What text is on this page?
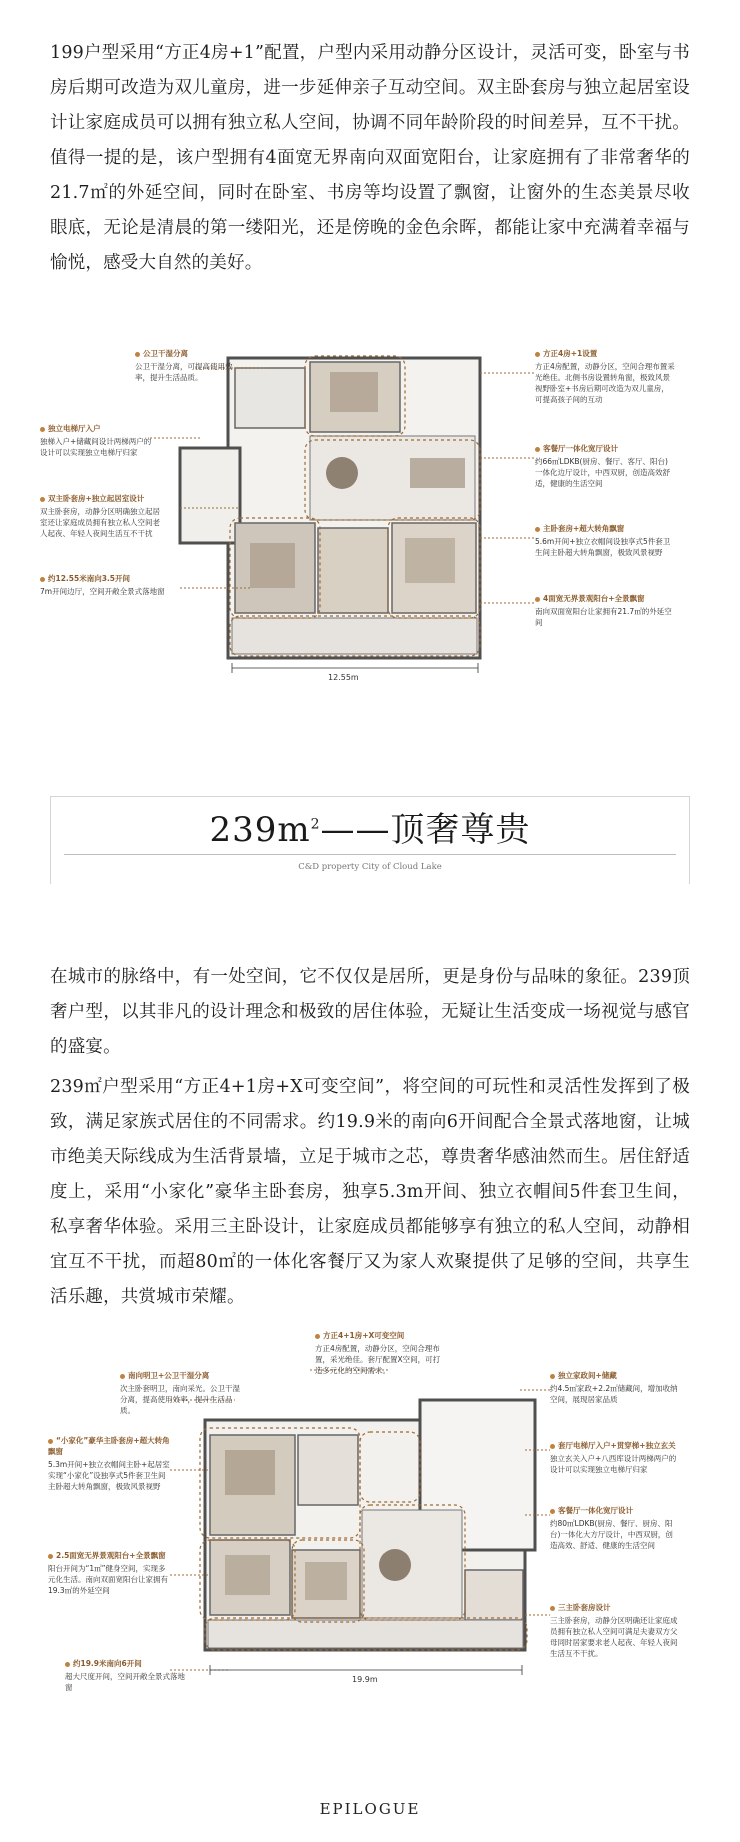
199户型采用“方正4房+1”配置，户型内采用动静分区设计，灵活可变，卧室与书房后期可改造为双儿童房，进一步延伸亲子互动空间。双主卧套房与独立起居室设计让家庭成员可以拥有独立私人空间，协调不同年龄阶段的时间差异，互不干扰。值得一提的是，该户型拥有4面宽无界南向双面宽阳台，让家庭拥有了非常奢华的21.7㎡的外延空间，同时在卧室、书房等均设置了飘窗，让窗外的生态美景尽收眼底，无论是清晨的第一缕阳光，还是傍晚的金色余晖，都能让家中充满着幸福与愉悦，感受大自然的美好。

12.55m
公卫干湿分离
公卫干湿分离，可提高使用效率，提升生活品质。
方正4房+1设置
方正4房配置，动静分区，空间合理布置采光绝佳。北侧书房设置转角窗，极致风景视野卧室+书房后期可改造为双儿童房，可提高孩子间的互动
独立电梯厅入户
独梯入户+储藏间设计两梯两户的设计可以实现独立电梯厅归家	客餐厅一体化宽厅设计
约66㎡LDKB(厨房、餐厅、客厅、阳台)一体化边厅设计，中西双厨，创造高效舒适，健康的生活空间
双主卧套房+独立起居室设计
双主卧套房，动静分区明确独立起居室还让家庭成员拥有独立私人空间老人起夜、年轻人夜间生活互不干扰
主卧套房+超大转角飘窗
5.6m开间+独立衣帽间设独享式5件套卫生间主卧超大转角飘窗，极致风景视野
约12.55米南向3.5开间
7m开间边厅，空间开敞全景式落地窗
4面宽无界景观阳台+全景飘窗
南向双面宽阳台让家拥有21.7㎡的外延空间
$239m^2——$顶奢尊贵
C&D property City of Cloud Lake

在城市的脉络中，有一处空间，它不仅仅是居所，更是身份与品味的象征。239顶奢户型，以其非凡的设计理念和极致的居住体验，无疑让生活变成一场视觉与感官的盛宴。

239㎡户型采用“方正4+1房+X可变空间”，将空间的可玩性和灵活性发挥到了极致，满足家族式居住的不同需求。约19.9米的南向6开间配合全景式落地窗，让城市绝美天际线成为生活背景墙，立足于城市之芯，尊贵奢华感油然而生。居住舒适度上，采用“小家化”豪华主卧套房，独享5.3m开间、独立衣帽间5件套卫生间，私享奢华体验。采用三主卧设计，让家庭成员都能够享有独立的私人空间，动静相宜互不干扰，而超80㎡的一体化客餐厅又为家人欢聚提供了足够的空间，共享生活乐趣，共赏城市荣耀。

19.9m
方正4+1房+X可变空间
方正4房配置，动静分区，空间合理布置，采光绝佳。套厅配置X空间，可打造多元化的空间需求。
南向明卫+公卫干湿分离
次主卧套明卫，南向采光。公卫干湿分离，提高使用效率，提升生活品质。
独立家政间+储藏
约4.5㎡家政+2.2㎡储藏间，增加收纳空间，展现居家品质
“小家化”豪华主卧套房+超大转角飘窗
5.3m开间+独立衣帽间主卧+起居室实现“小家化”设独享式5件套卫生间主卧超大转角飘窗，极致风景视野
套厅电梯厅入户+贯穿梯+独立玄关
独立玄关入户+八西库设计两梯两户的设计可以实现独立电梯厅归家
客餐厅一体化宽厅设计
约80㎡LDKB(厨房、餐厅、厨房、阳台)一体化大方厅设计，中西双厨，创造高效、舒适、健康的生活空间
2.5面宽无界景观阳台+全景飘窗
阳台开间为“1㎡”健身空间，实现多元化生活。南向双面宽阳台让家拥有19.3㎡的外延空间
三主卧套房设计
三主卧套房，动静分区明确还让家庭成员拥有独立私人空间可满足夫妻双方父母同时居家要求老人起夜、年轻人夜间生活互不干扰。
约19.9米南向6开间
超大尺度开间，空间开敞全景式落地窗
EPILOGUE
